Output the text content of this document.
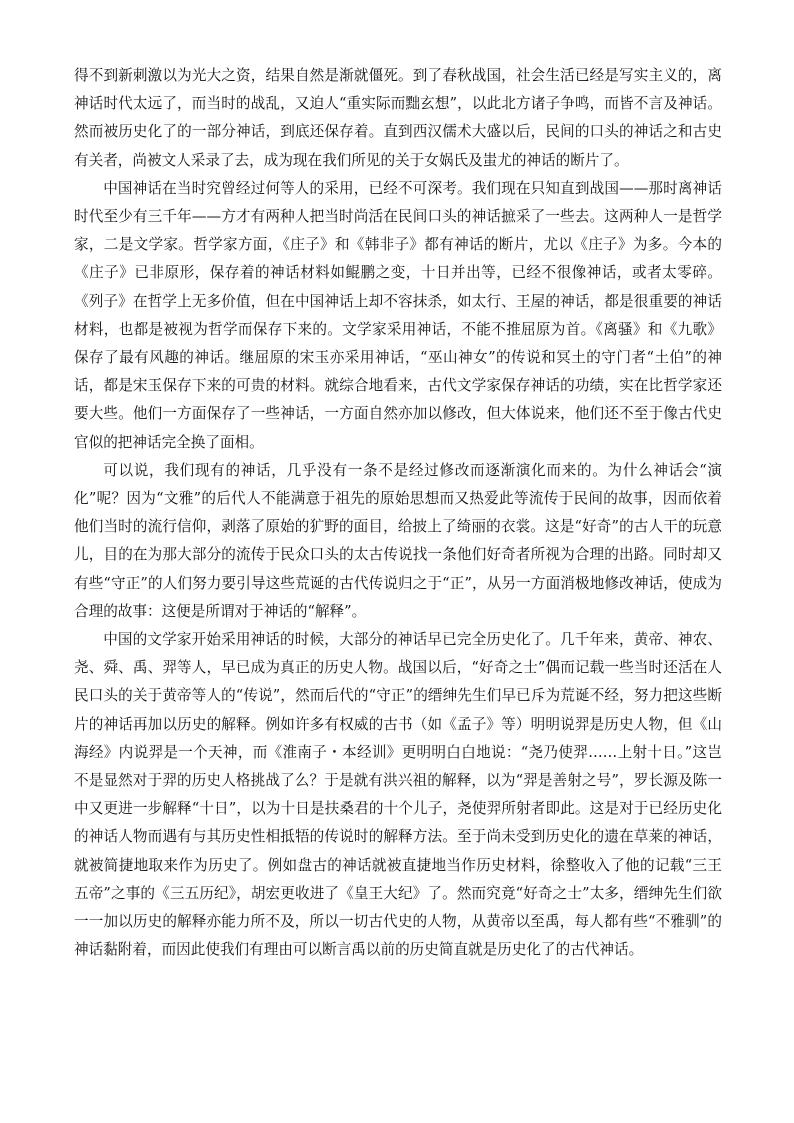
得不到新刺激以为光大之资，结果自然是渐就僵死。到了春秋战国，社会生活已经是写实主义的，离神话时代太远了，而当时的战乱，又迫人“重实际而黜玄想”，以此北方诸子争鸣，而皆不言及神话。然而被历史化了的一部分神话，到底还保存着。直到西汉儒术大盛以后，民间的口头的神话之和古史有关者，尚被文人采录了去，成为现在我们所见的关于女娲氏及蚩尤的神话的断片了。

中国神话在当时究曾经过何等人的采用，已经不可深考。我们现在只知直到战国——那时离神话时代至少有三千年——方才有两种人把当时尚活在民间口头的神话摭采了一些去。这两种人一是哲学家，二是文学家。哲学家方面，《庄子》和《韩非子》都有神话的断片，尤以《庄子》为多。今本的《庄子》已非原形，保存着的神话材料如鲲鹏之变，十日并出等，已经不很像神话，或者太零碎。《列子》在哲学上无多价值，但在中国神话上却不容抹杀，如太行、王屋的神话，都是很重要的神话材料，也都是被视为哲学而保存下来的。文学家采用神话，不能不推屈原为首。《离骚》和《九歌》保存了最有风趣的神话。继屈原的宋玉亦采用神话，“巫山神女”的传说和冥土的守门者“土伯”的神话，都是宋玉保存下来的可贵的材料。就综合地看来，古代文学家保存神话的功绩，实在比哲学家还要大些。他们一方面保存了一些神话，一方面自然亦加以修改，但大体说来，他们还不至于像古代史官似的把神话完全换了面相。

可以说，我们现有的神话，几乎没有一条不是经过修改而逐渐演化而来的。为什么神话会“演化”呢？因为“文雅”的后代人不能满意于祖先的原始思想而又热爱此等流传于民间的故事，因而依着他们当时的流行信仰，剥落了原始的犷野的面目，给披上了绮丽的衣裳。这是“好奇”的古人干的玩意儿，目的在为那大部分的流传于民众口头的太古传说找一条他们好奇者所视为合理的出路。同时却又有些“守正”的人们努力要引导这些荒诞的古代传说归之于“正”，从另一方面消极地修改神话，使成为合理的故事：这便是所谓对于神话的“解释”。

中国的文学家开始采用神话的时候，大部分的神话早已完全历史化了。几千年来，黄帝、神农、尧、舜、禹、羿等人，早已成为真正的历史人物。战国以后，“好奇之士”偶而记载一些当时还活在人民口头的关于黄帝等人的“传说”，然而后代的“守正”的缙绅先生们早已斥为荒诞不经，努力把这些断片的神话再加以历史的解释。例如许多有权威的古书（如《孟子》等）明明说羿是历史人物，但《山海经》内说羿是一个天神，而《淮南子・本经训》更明明白白地说：“尧乃使羿……上射十日。”这岂不是显然对于羿的历史人格挑战了么？于是就有洪兴祖的解释，以为“羿是善射之号”，罗长源及陈一中又更进一步解释“十日”，以为十日是扶桑君的十个儿子，尧使羿所射者即此。这是对于已经历史化的神话人物而遇有与其历史性相抵牾的传说时的解释方法。至于尚未受到历史化的遗在草莱的神话，就被简捷地取来作为历史了。例如盘古的神话就被直捷地当作历史材料，徐整收入了他的记载“三王五帝”之事的《三五历纪》，胡宏更收进了《皇王大纪》了。然而究竟“好奇之士”太多，缙绅先生们欲一一加以历史的解释亦能力所不及，所以一切古代史的人物，从黄帝以至禹，每人都有些“不雅驯”的神话黏附着，而因此使我们有理由可以断言禹以前的历史简直就是历史化了的古代神话。
